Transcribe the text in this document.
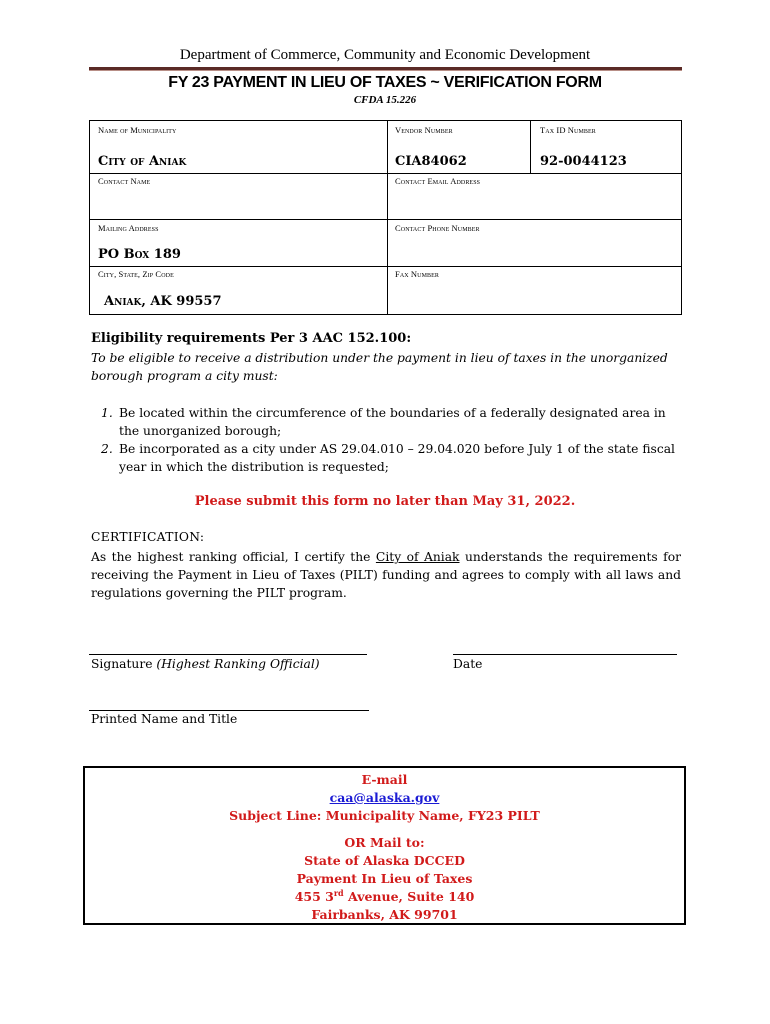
Department of Commerce, Community and Economic Development
FY 23 PAYMENT IN LIEU OF TAXES ~ VERIFICATION FORM
CFDA 15.226
Name of Municipality
City of Aniak
Vendor Number
CIA84062
Tax ID Number
92-0044123
Contact Name	Contact Email Address
Mailing Address
PO Box 189
Contact Phone Number
City, State, Zip Code
Aniak, AK 99557
Fax Number
Eligibility requirements Per 3 AAC 152.100:
To be eligible to receive a distribution under the payment in lieu of taxes in the unorganized borough program a city must:
1. Be located within the circumference of the boundaries of a federally designated area in the unorganized borough;
2. Be incorporated as a city under AS 29.04.010 – 29.04.020 before July 1 of the state fiscal year in which the distribution is requested;
Please submit this form no later than May 31, 2022.
CERTIFICATION:
As the highest ranking official, I certify the City of Aniak understands the requirements for receiving the Payment in Lieu of Taxes (PILT) funding and agrees to comply with all laws and regulations governing the PILT program.
Signature (Highest Ranking Official)	Date
Printed Name and Title
E-mail
caa@alaska.gov
Subject Line: Municipality Name, FY23 PILT
OR Mail to:
State of Alaska DCCED
Payment In Lieu of Taxes
455 3rd Avenue, Suite 140
Fairbanks, AK 99701
